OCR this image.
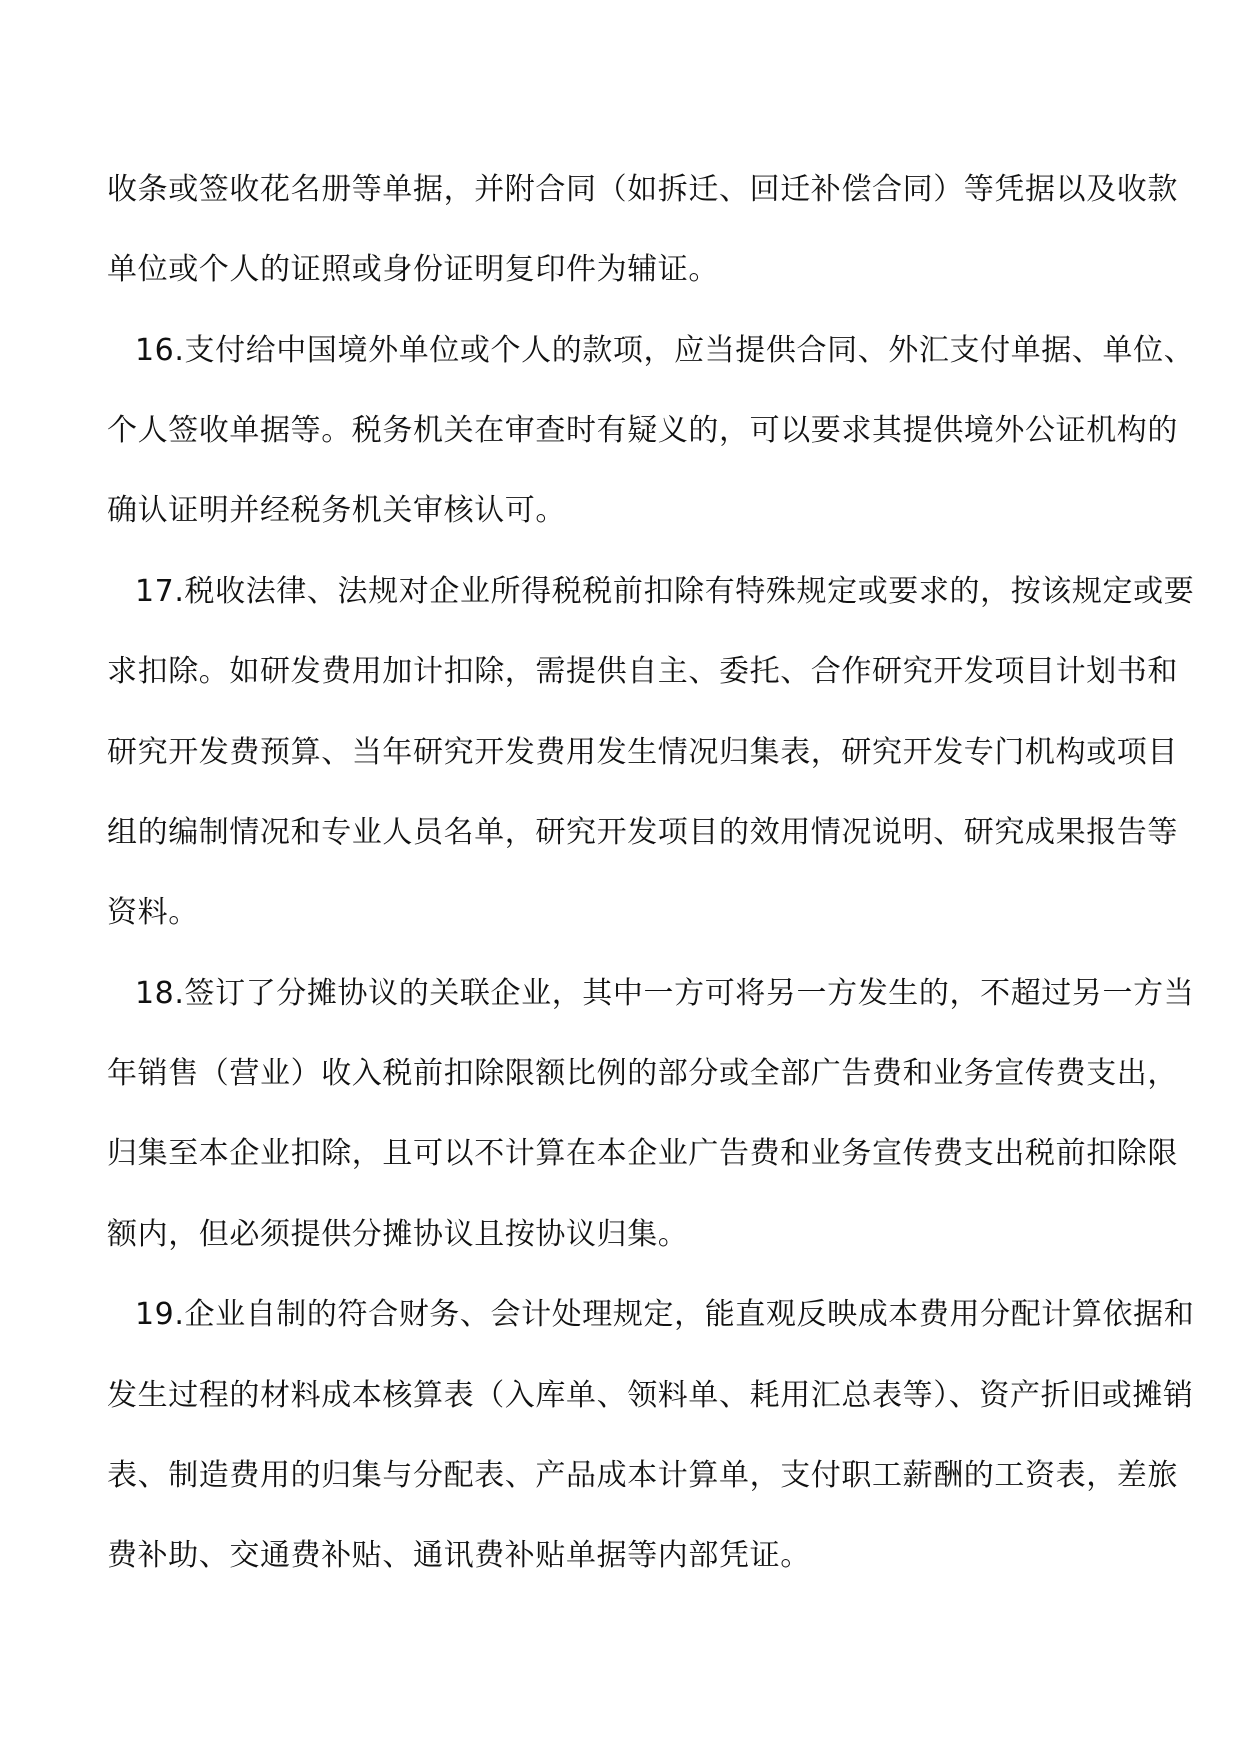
收条或签收花名册等单据，并附合同（如拆迁、回迁补偿合同）等凭据以及收款
单位或个人的证照或身份证明复印件为辅证。
16.支付给中国境外单位或个人的款项，应当提供合同、外汇支付单据、单位、
个人签收单据等。税务机关在审查时有疑义的，可以要求其提供境外公证机构的
确认证明并经税务机关审核认可。
17.税收法律、法规对企业所得税税前扣除有特殊规定或要求的，按该规定或要
求扣除。如研发费用加计扣除，需提供自主、委托、合作研究开发项目计划书和
研究开发费预算、当年研究开发费用发生情况归集表，研究开发专门机构或项目
组的编制情况和专业人员名单，研究开发项目的效用情况说明、研究成果报告等
资料。
18.签订了分摊协议的关联企业，其中一方可将另一方发生的，不超过另一方当
年销售（营业）收入税前扣除限额比例的部分或全部广告费和业务宣传费支出，
归集至本企业扣除，且可以不计算在本企业广告费和业务宣传费支出税前扣除限
额内，但必须提供分摊协议且按协议归集。
19.企业自制的符合财务、会计处理规定，能直观反映成本费用分配计算依据和
发生过程的材料成本核算表（入库单、领料单、耗用汇总表等）、资产折旧或摊销
表、制造费用的归集与分配表、产品成本计算单，支付职工薪酬的工资表，差旅
费补助、交通费补贴、通讯费补贴单据等内部凭证。
